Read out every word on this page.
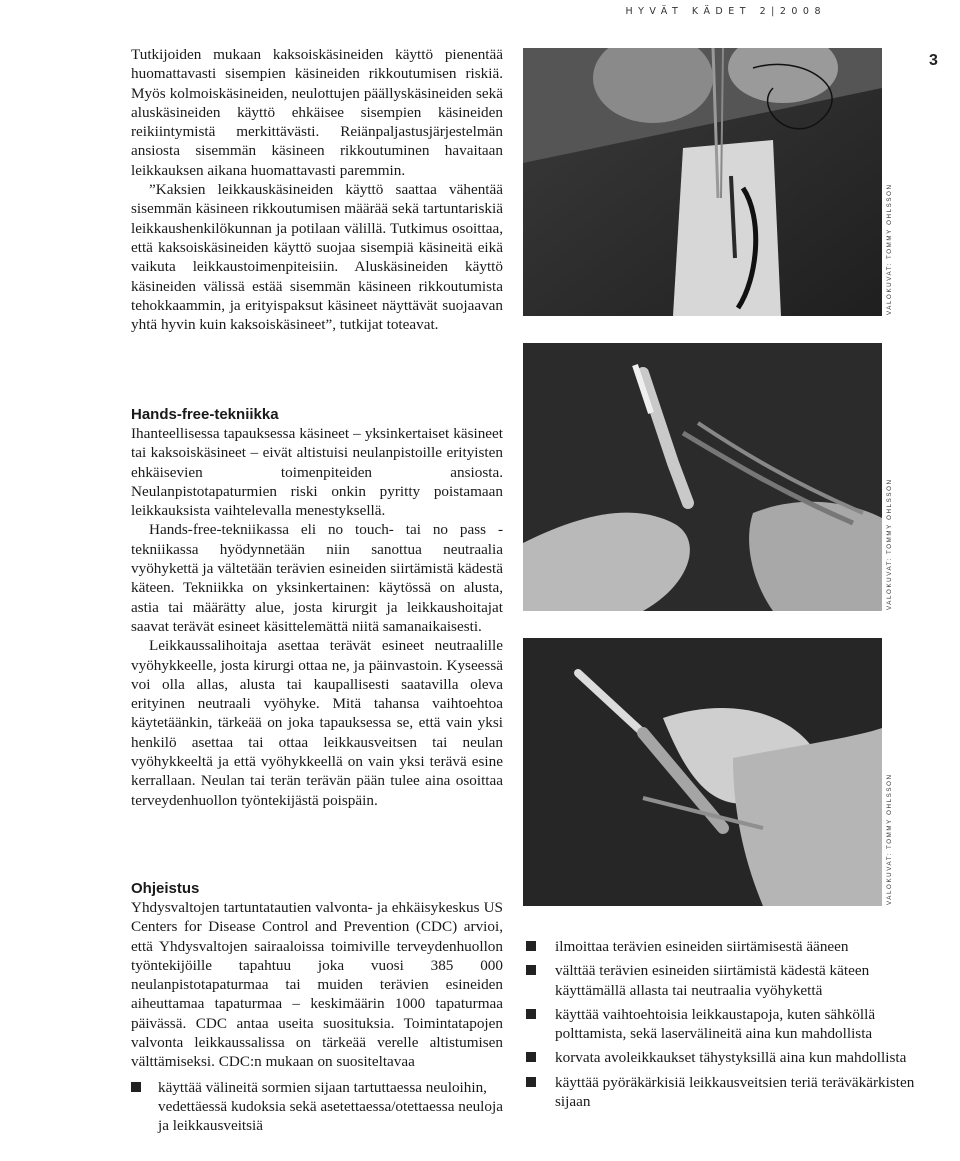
HYVÄT KÄDET 2|2008
3

Tutkijoiden mukaan kaksoiskäsineiden käyttö pienentää huomattavasti sisempien käsineiden rikkoutumisen riskiä. Myös kolmoiskäsineiden, neulottujen päällyskäsineiden sekä aluskäsineiden käyttö ehkäisee sisempien käsineiden reikiintymistä merkittävästi. Reiänpaljastusjärjestelmän ansiosta sisemmän käsineen rikkoutuminen havaitaan leikkauksen aikana huomattavasti paremmin.

”Kaksien leikkauskäsineiden käyttö saattaa vähentää sisemmän käsineen rikkoutumisen määrää sekä tartuntariskiä leikkaushenkilökunnan ja potilaan välillä. Tutkimus osoittaa, että kaksoiskäsineiden käyttö suojaa sisempiä käsineitä eikä vaikuta leikkaustoimenpiteisiin. Aluskäsineiden käyttö käsineiden välissä estää sisemmän käsineen rikkoutumista tehokkaammin, ja erityispaksut käsineet näyttävät suojaavan yhtä hyvin kuin kaksoiskäsineet”, tutkijat toteavat.

Hands-free-tekniikka

Ihanteellisessa tapauksessa käsineet – yksinkertaiset käsineet tai kaksoiskäsineet – eivät altistuisi neulanpistoille erityisten ehkäisevien toimenpiteiden ansiosta. Neulanpistotapaturmien riski onkin pyritty poistamaan leikkauksista vaihtelevalla menestyksellä.

Hands-free-tekniikassa eli no touch- tai no pass -tekniikassa hyödynnetään niin sanottua neutraalia vyöhykettä ja vältetään terävien esineiden siirtämistä kädestä käteen. Tekniikka on yksinkertainen: käytössä on alusta, astia tai määrätty alue, josta kirurgit ja leikkaushoitajat saavat terävät esineet käsittelemättä niitä samanaikaisesti.

Leikkaussalihoitaja asettaa terävät esineet neutraalille vyöhykkeelle, josta kirurgi ottaa ne, ja päinvastoin. Kyseessä voi olla allas, alusta tai kaupallisesti saatavilla oleva erityinen neutraali vyöhyke. Mitä tahansa vaihtoehtoa käytetäänkin, tärkeää on joka tapauksessa se, että vain yksi henkilö asettaa tai ottaa leikkausveitsen tai neulan vyöhykkeeltä ja että vyöhykkeellä on vain yksi terävä esine kerrallaan. Neulan tai terän terävän pään tulee aina osoittaa terveydenhuollon työntekijästä poispäin.

Ohjeistus

Yhdysvaltojen tartuntatautien valvonta- ja ehkäisykeskus US Centers for Disease Control and Prevention (CDC) arvioi, että Yhdysvaltojen sairaaloissa toimiville terveydenhuollon työntekijöille tapahtuu joka vuosi 385 000 neulanpistotapaturmaa tai muiden terävien esineiden aiheuttamaa tapaturmaa – keskimäärin 1000 tapaturmaa päivässä. CDC antaa useita suosituksia. Toimintatapojen valvonta leikkaussalissa on tärkeää verelle altistumisen välttämiseksi. CDC:n mukaan on suositeltavaa

käyttää välineitä sormien sijaan tartuttaessa neuloihin, vedettäessä kudoksia sekä asetettaessa/otettaessa neuloja ja leikkausveitsiä
VALOKUVAT: TOMMY OHLSSON
VALOKUVAT: TOMMY OHLSSON
VALOKUVAT: TOMMY OHLSSON
ilmoittaa terävien esineiden siirtämisestä ääneen
välttää terävien esineiden siirtämistä kädestä käteen käyttämällä allasta tai neutraalia vyöhykettä
käyttää vaihtoehtoisia leikkaustapoja, kuten sähköllä polttamista, sekä laservälineitä aina kun mahdollista
korvata avoleikkaukset tähystyksillä aina kun mahdollista
käyttää pyöräkärkisiä leikkausveitsien teriä teräväkärkisten sijaan
